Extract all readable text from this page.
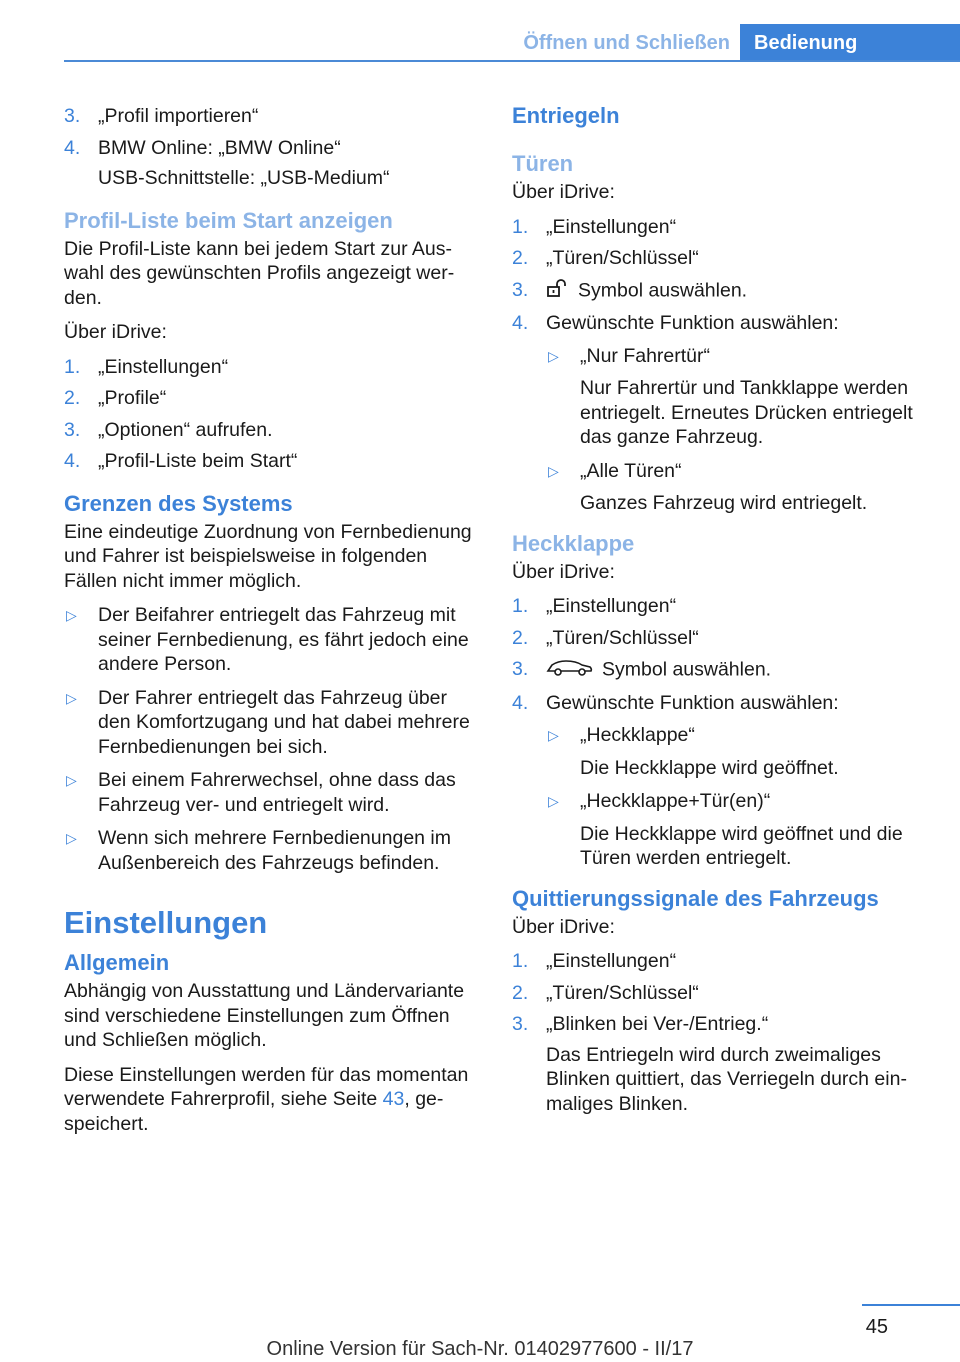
Öffnen und Schließen	Bedienung
3. „Profil importieren“
4. BMW Online: „BMW Online“
USB-Schnittstelle: „USB-Medium“
Profil-Liste beim Start anzeigen

Die Profil-Liste kann bei jedem Start zur Auswahl des gewünschten Profils angezeigt werden.

Über iDrive:

1. „Einstellungen“
2. „Profile“
3. „Optionen“ aufrufen.
4. „Profil-Liste beim Start“
Grenzen des Systems

Eine eindeutige Zuordnung von Fernbedienung und Fahrer ist beispielsweise in folgenden Fällen nicht immer möglich.

▷ Der Beifahrer entriegelt das Fahrzeug mit seiner Fernbedienung, es fährt jedoch eine andere Person.
▷ Der Fahrer entriegelt das Fahrzeug über den Komfortzugang und hat dabei mehrere Fernbedienungen bei sich.
▷ Bei einem Fahrerwechsel, ohne dass das Fahrzeug ver- und entriegelt wird.
▷ Wenn sich mehrere Fernbedienungen im Außenbereich des Fahrzeugs befinden.
Einstellungen
Allgemein

Abhängig von Ausstattung und Ländervariante sind verschiedene Einstellungen zum Öffnen und Schließen möglich.

Diese Einstellungen werden für das momentan verwendete Fahrerprofil, siehe Seite 43, gespeichert.

Entriegeln
Türen

Über iDrive:

1. „Einstellungen“
2. „Türen/Schlüssel“
3.	Symbol auswählen.
4. Gewünschte Funktion auswählen:
▷ „Nur Fahrertür“
Nur Fahrertür und Tankklappe werden entriegelt. Erneutes Drücken entriegelt das ganze Fahrzeug.
▷ „Alle Türen“
Ganzes Fahrzeug wird entriegelt.
Heckklappe

Über iDrive:

1. „Einstellungen“
2. „Türen/Schlüssel“
3.	Symbol auswählen.
4. Gewünschte Funktion auswählen:
▷ „Heckklappe“
Die Heckklappe wird geöffnet.
▷ „Heckklappe+Tür(en)“
Die Heckklappe wird geöffnet und die Türen werden entriegelt.
Quittierungssignale des Fahrzeugs

Über iDrive:

1. „Einstellungen“
2. „Türen/Schlüssel“
3. „Blinken bei Ver-/Entrieg.“
Das Entriegeln wird durch zweimaliges Blinken quittiert, das Verriegeln durch einmaliges Blinken.
45
Online Version für Sach-Nr. 01402977600 - II/17
